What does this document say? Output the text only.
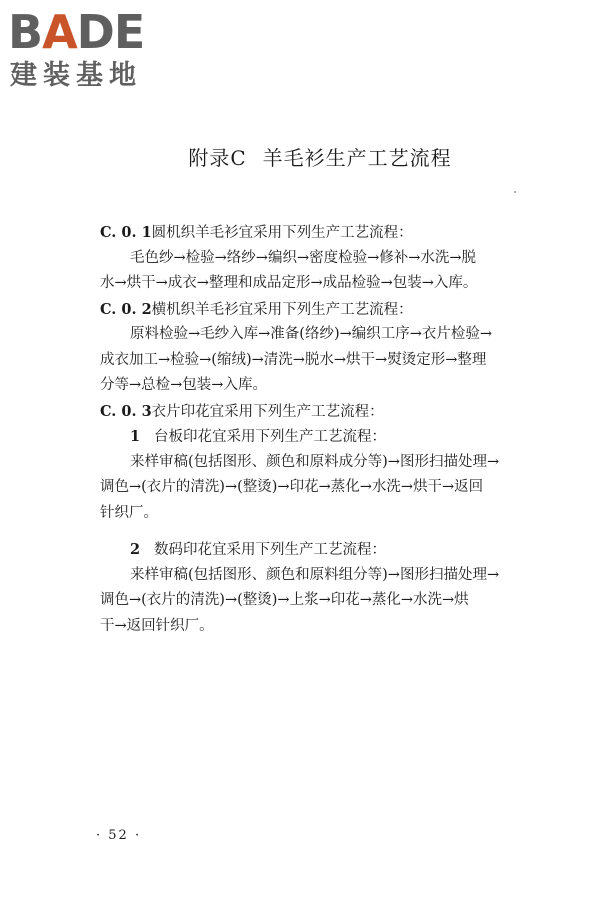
BADE
建装基地
附录C 羊毛衫生产工艺流程
C. 0. 1圆机织羊毛衫宜采用下列生产工艺流程：
毛色纱→检验→络纱→编织→密度检验→修补→水洗→脱
水→烘干→成衣→整理和成品定形→成品检验→包装→入库。
C. 0. 2横机织羊毛衫宜采用下列生产工艺流程：
原料检验→毛纱入库→准备(络纱)→编织工序→衣片检验→
成衣加工→检验→(缩绒)→清洗→脱水→烘干→熨烫定形→整理
分等→总检→包装→入库。
C. 0. 3衣片印花宜采用下列生产工艺流程：
1 台板印花宜采用下列生产工艺流程：
来样审稿(包括图形、颜色和原料成分等)→图形扫描处理→
调色→(衣片的清洗)→(整烫)→印花→蒸化→水洗→烘干→返回
针织厂。
2 数码印花宜采用下列生产工艺流程：
来样审稿(包括图形、颜色和原料组分等)→图形扫描处理→
调色→(衣片的清洗)→(整烫)→上浆→印花→蒸化→水洗→烘
干→返回针织厂。
· 52 ·
